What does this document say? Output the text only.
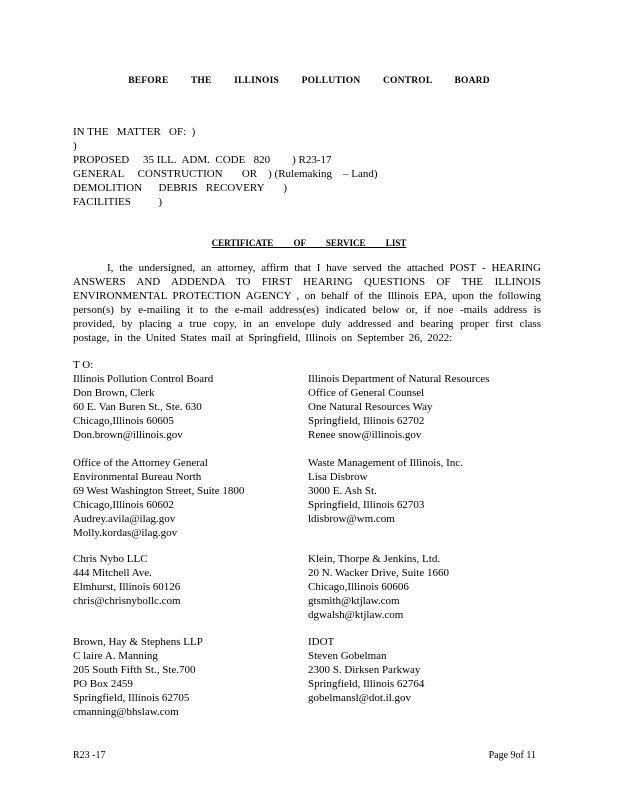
BEFORE THE ILLINOIS POLLUTION CONTROL BOARD
IN THE   MATTER   OF:  )
)
PROPOSED     35 ILL.  ADM.  CODE   820        ) R23-17
GENERAL     CONSTRUCTION       OR    ) (Rulemaking    – Land)
DEMOLITION      DEBRIS   RECOVERY       )
FACILITIES          )
CERTIFICATE OF SERVICE LIST
I, the undersigned, an attorney, affirm that I have served the attached POST - HEARING ANSWERS AND ADDENDA TO FIRST HEARING QUESTIONS OF THE ILLINOIS ENVIRONMENTAL PROTECTION AGENCY , on behalf of the Illinois EPA, upon the following person(s) by e-mailing it to the e-mail address(es) indicated below or, if noe -mails address is provided, by placing a true copy, in an envelope duly addressed and bearing proper first class postage, in the United States mail at Springfield, Illinois on September 26, 2022:
T O:
Illinois Pollution Control Board
Don Brown, Clerk
60 E. Van Buren St., Ste. 630
Chicago,Illinois 60605
Don.brown@illinois.gov
Illinois Department of Natural Resources
Office of General Counsel
One Natural Resources Way
Springfield, Illinois 62702
Renee snow@illinois.gov
Office of the Attorney General
Environmental Bureau North
69 West Washington Street, Suite 1800
Chicago,Illinois 60602
Audrey.avila@ilag.gov
Molly.kordas@ilag.gov
Waste Management of Illinois, Inc.
Lisa Disbrow
3000 E. Ash St.
Springfield, Illinois 62703
ldisbrow@wm.com
Chris Nybo LLC
444 Mitchell Ave.
Elmhurst, Illinois 60126
chris@chrisnybollc.com
Klein, Thorpe & Jenkins, Ltd.
20 N. Wacker Drive, Suite 1660
Chicago,Illinois 60606
gtsmith@ktjlaw.com
dgwalsh@ktjlaw.com
Brown, Hay & Stephens LLP
C laire A. Manning
205 South Fifth St., Ste.700
PO Box 2459
Springfield, Illinois 62705
cmanning@bhslaw.com
IDOT
Steven Gobelman
2300 S. Dirksen Parkway
Springfield, Illinois 62764
gobelmansl@dot.il.gov
R23 -17	Page 9of 11
